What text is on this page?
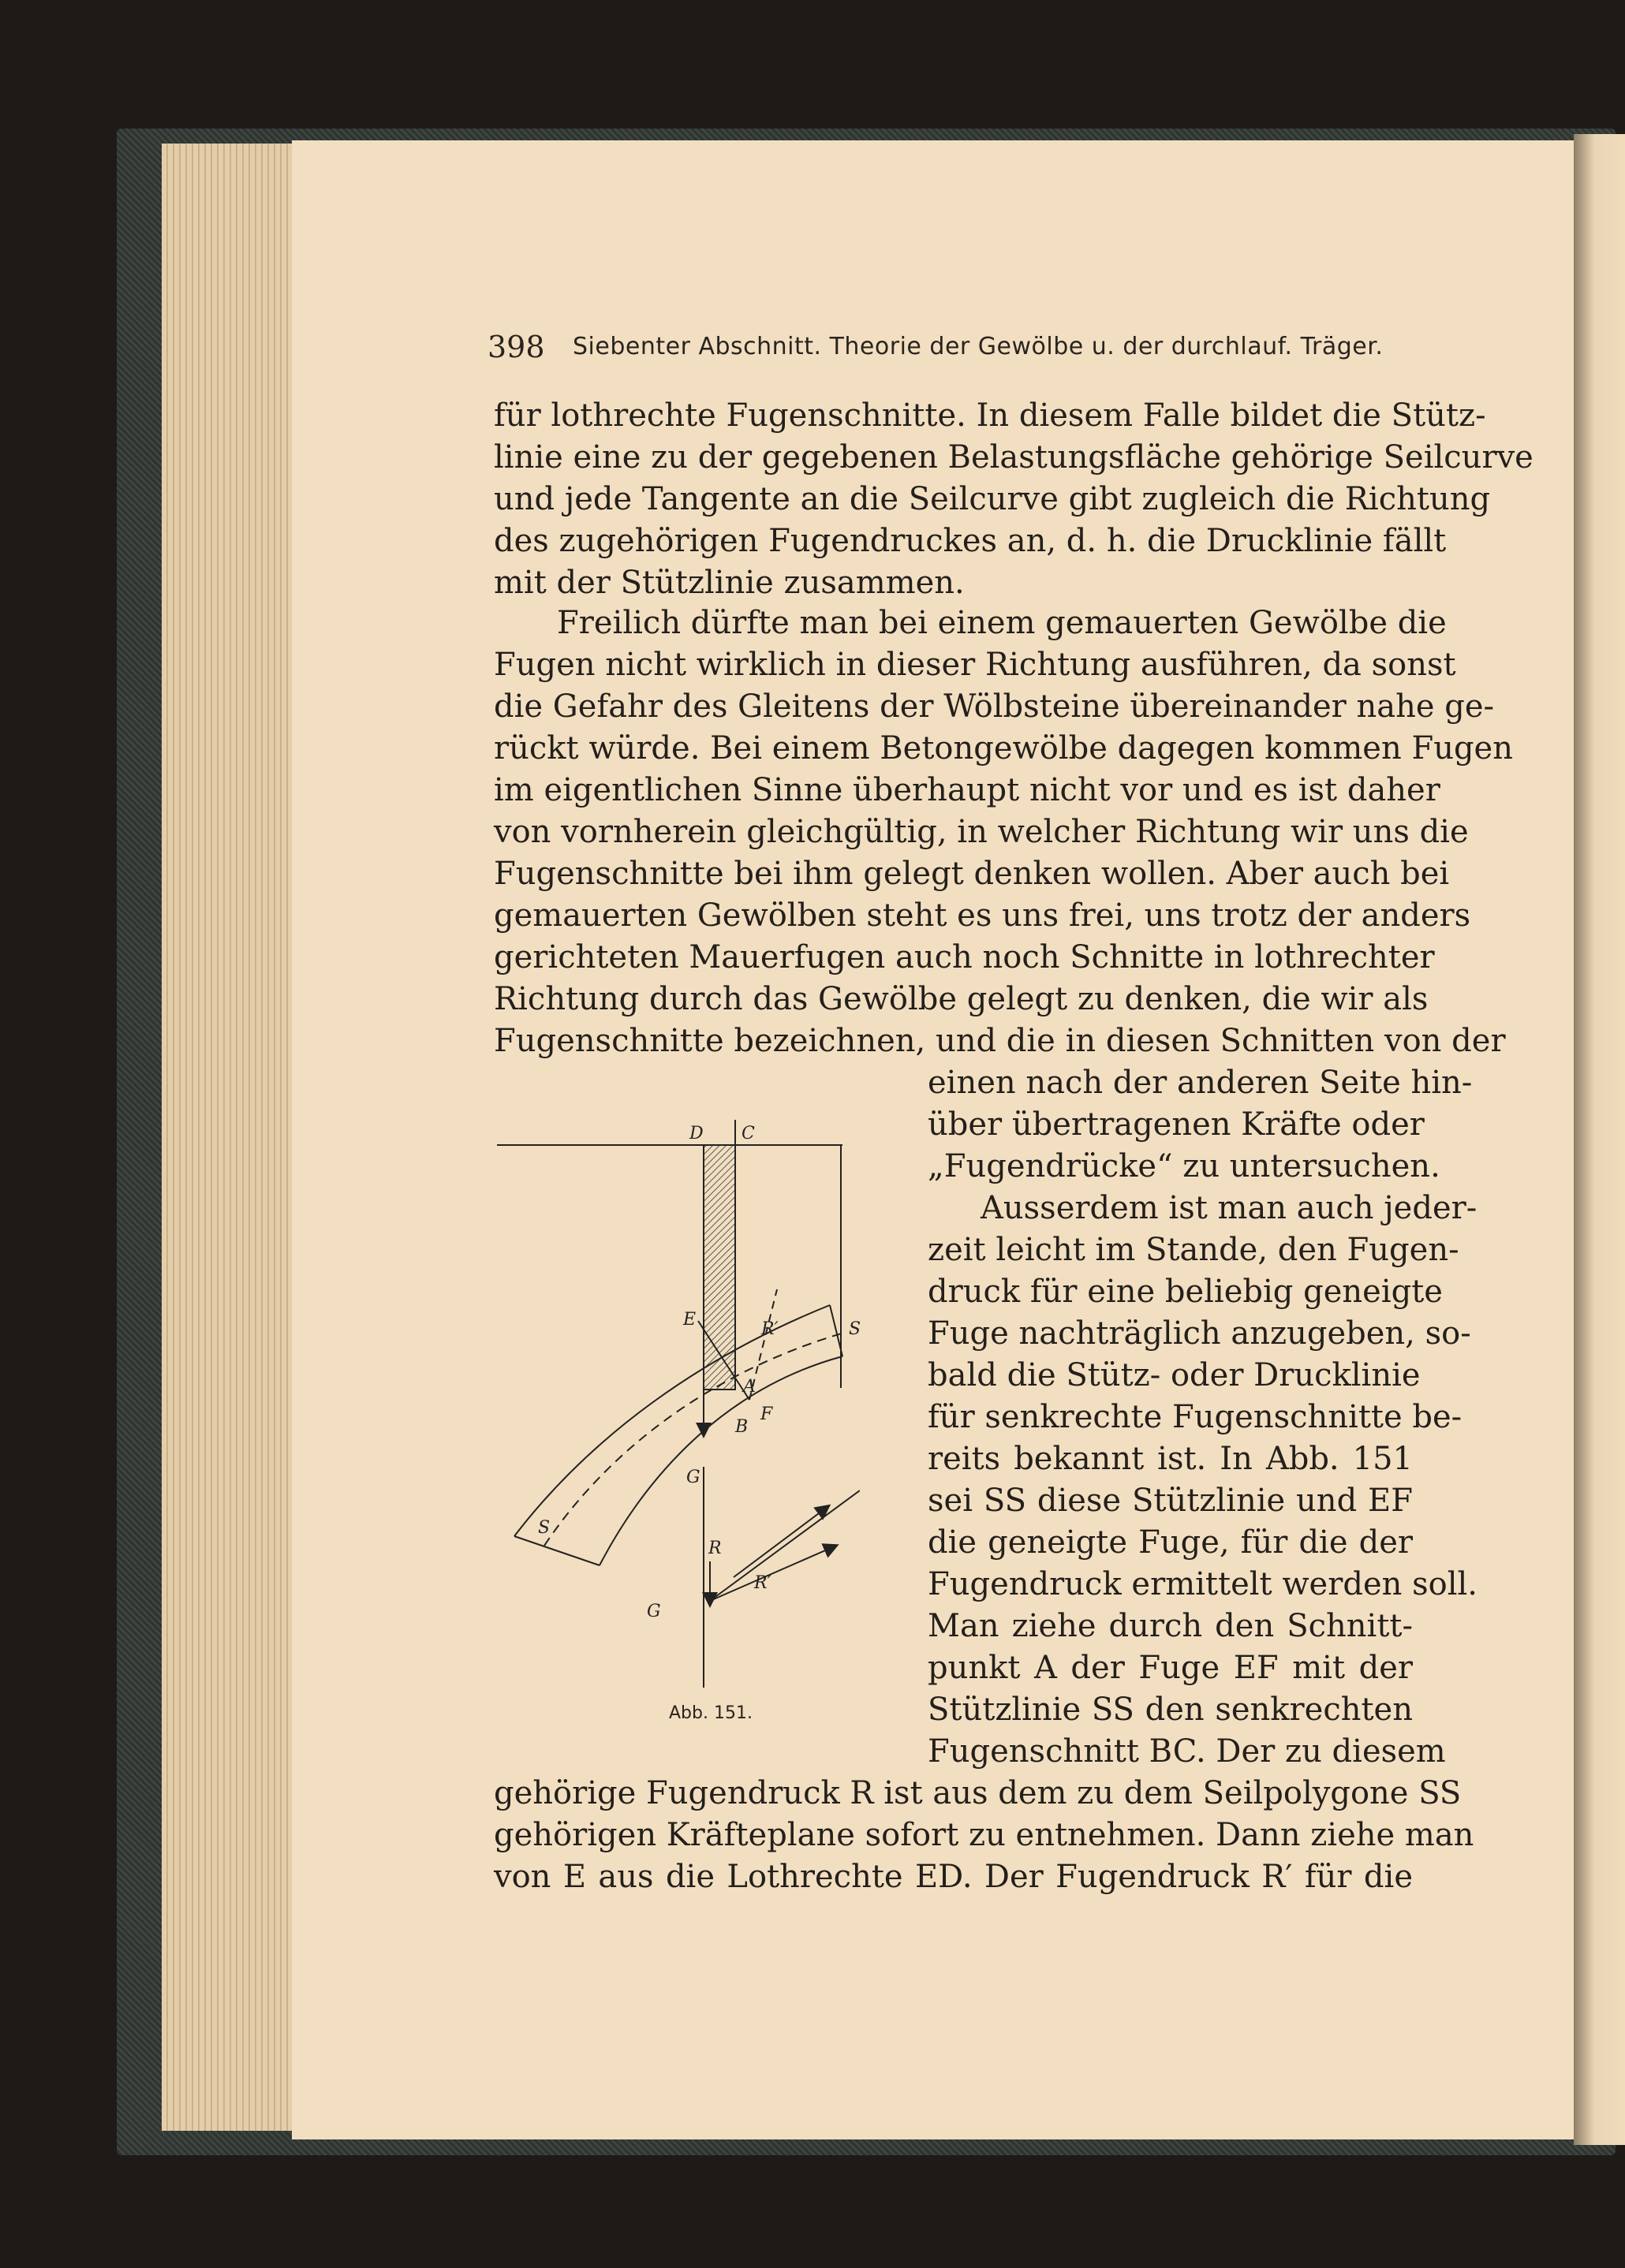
398 Siebenter Abschnitt. Theorie der Gewölbe u. der durchlauf. Träger.
für lothrechte Fugenschnitte. In diesem Falle bildet die Stütz-
linie eine zu der gegebenen Belastungsfläche gehörige Seilcurve
und jede Tangente an die Seilcurve gibt zugleich die Richtung
des zugehörigen Fugendruckes an, d. h. die Drucklinie fällt
mit der Stützlinie zusammen.
Freilich dürfte man bei einem gemauerten Gewölbe die
Fugen nicht wirklich in dieser Richtung ausführen, da sonst
die Gefahr des Gleitens der Wölbsteine übereinander nahe ge-
rückt würde. Bei einem Betongewölbe dagegen kommen Fugen
im eigentlichen Sinne überhaupt nicht vor und es ist daher
von vornherein gleichgültig, in welcher Richtung wir uns die
Fugenschnitte bei ihm gelegt denken wollen. Aber auch bei
gemauerten Gewölben steht es uns frei, uns trotz der anders
gerichteten Mauerfugen auch noch Schnitte in lothrechter
Richtung durch das Gewölbe gelegt zu denken, die wir als
Fugenschnitte bezeichnen, und die in diesen Schnitten von der
einen nach der anderen Seite hin-
über übertragenen Kräfte oder
„Fugendrücke“ zu untersuchen.
Ausserdem ist man auch jeder-
zeit leicht im Stande, den Fugen-
druck für eine beliebig geneigte
Fuge nachträglich anzugeben, so-
bald die Stütz- oder Drucklinie
für senkrechte Fugenschnitte be-
reits bekannt ist. In Abb. 151
sei SS diese Stützlinie und EF
die geneigte Fuge, für die der
Fugendruck ermittelt werden soll.
Man ziehe durch den Schnitt-
punkt A der Fuge EF mit der
Stützlinie SS den senkrechten
Fugenschnitt BC. Der zu diesem
gehörige Fugendruck R ist aus dem zu dem Seilpolygone SS
gehörigen Kräfteplane sofort zu entnehmen. Dann ziehe man
von E aus die Lothrechte ED. Der Fugendruck R′ für die
D C
E	R′	S
A
F
B
G
S
R
R′
G
Abb. 151.
